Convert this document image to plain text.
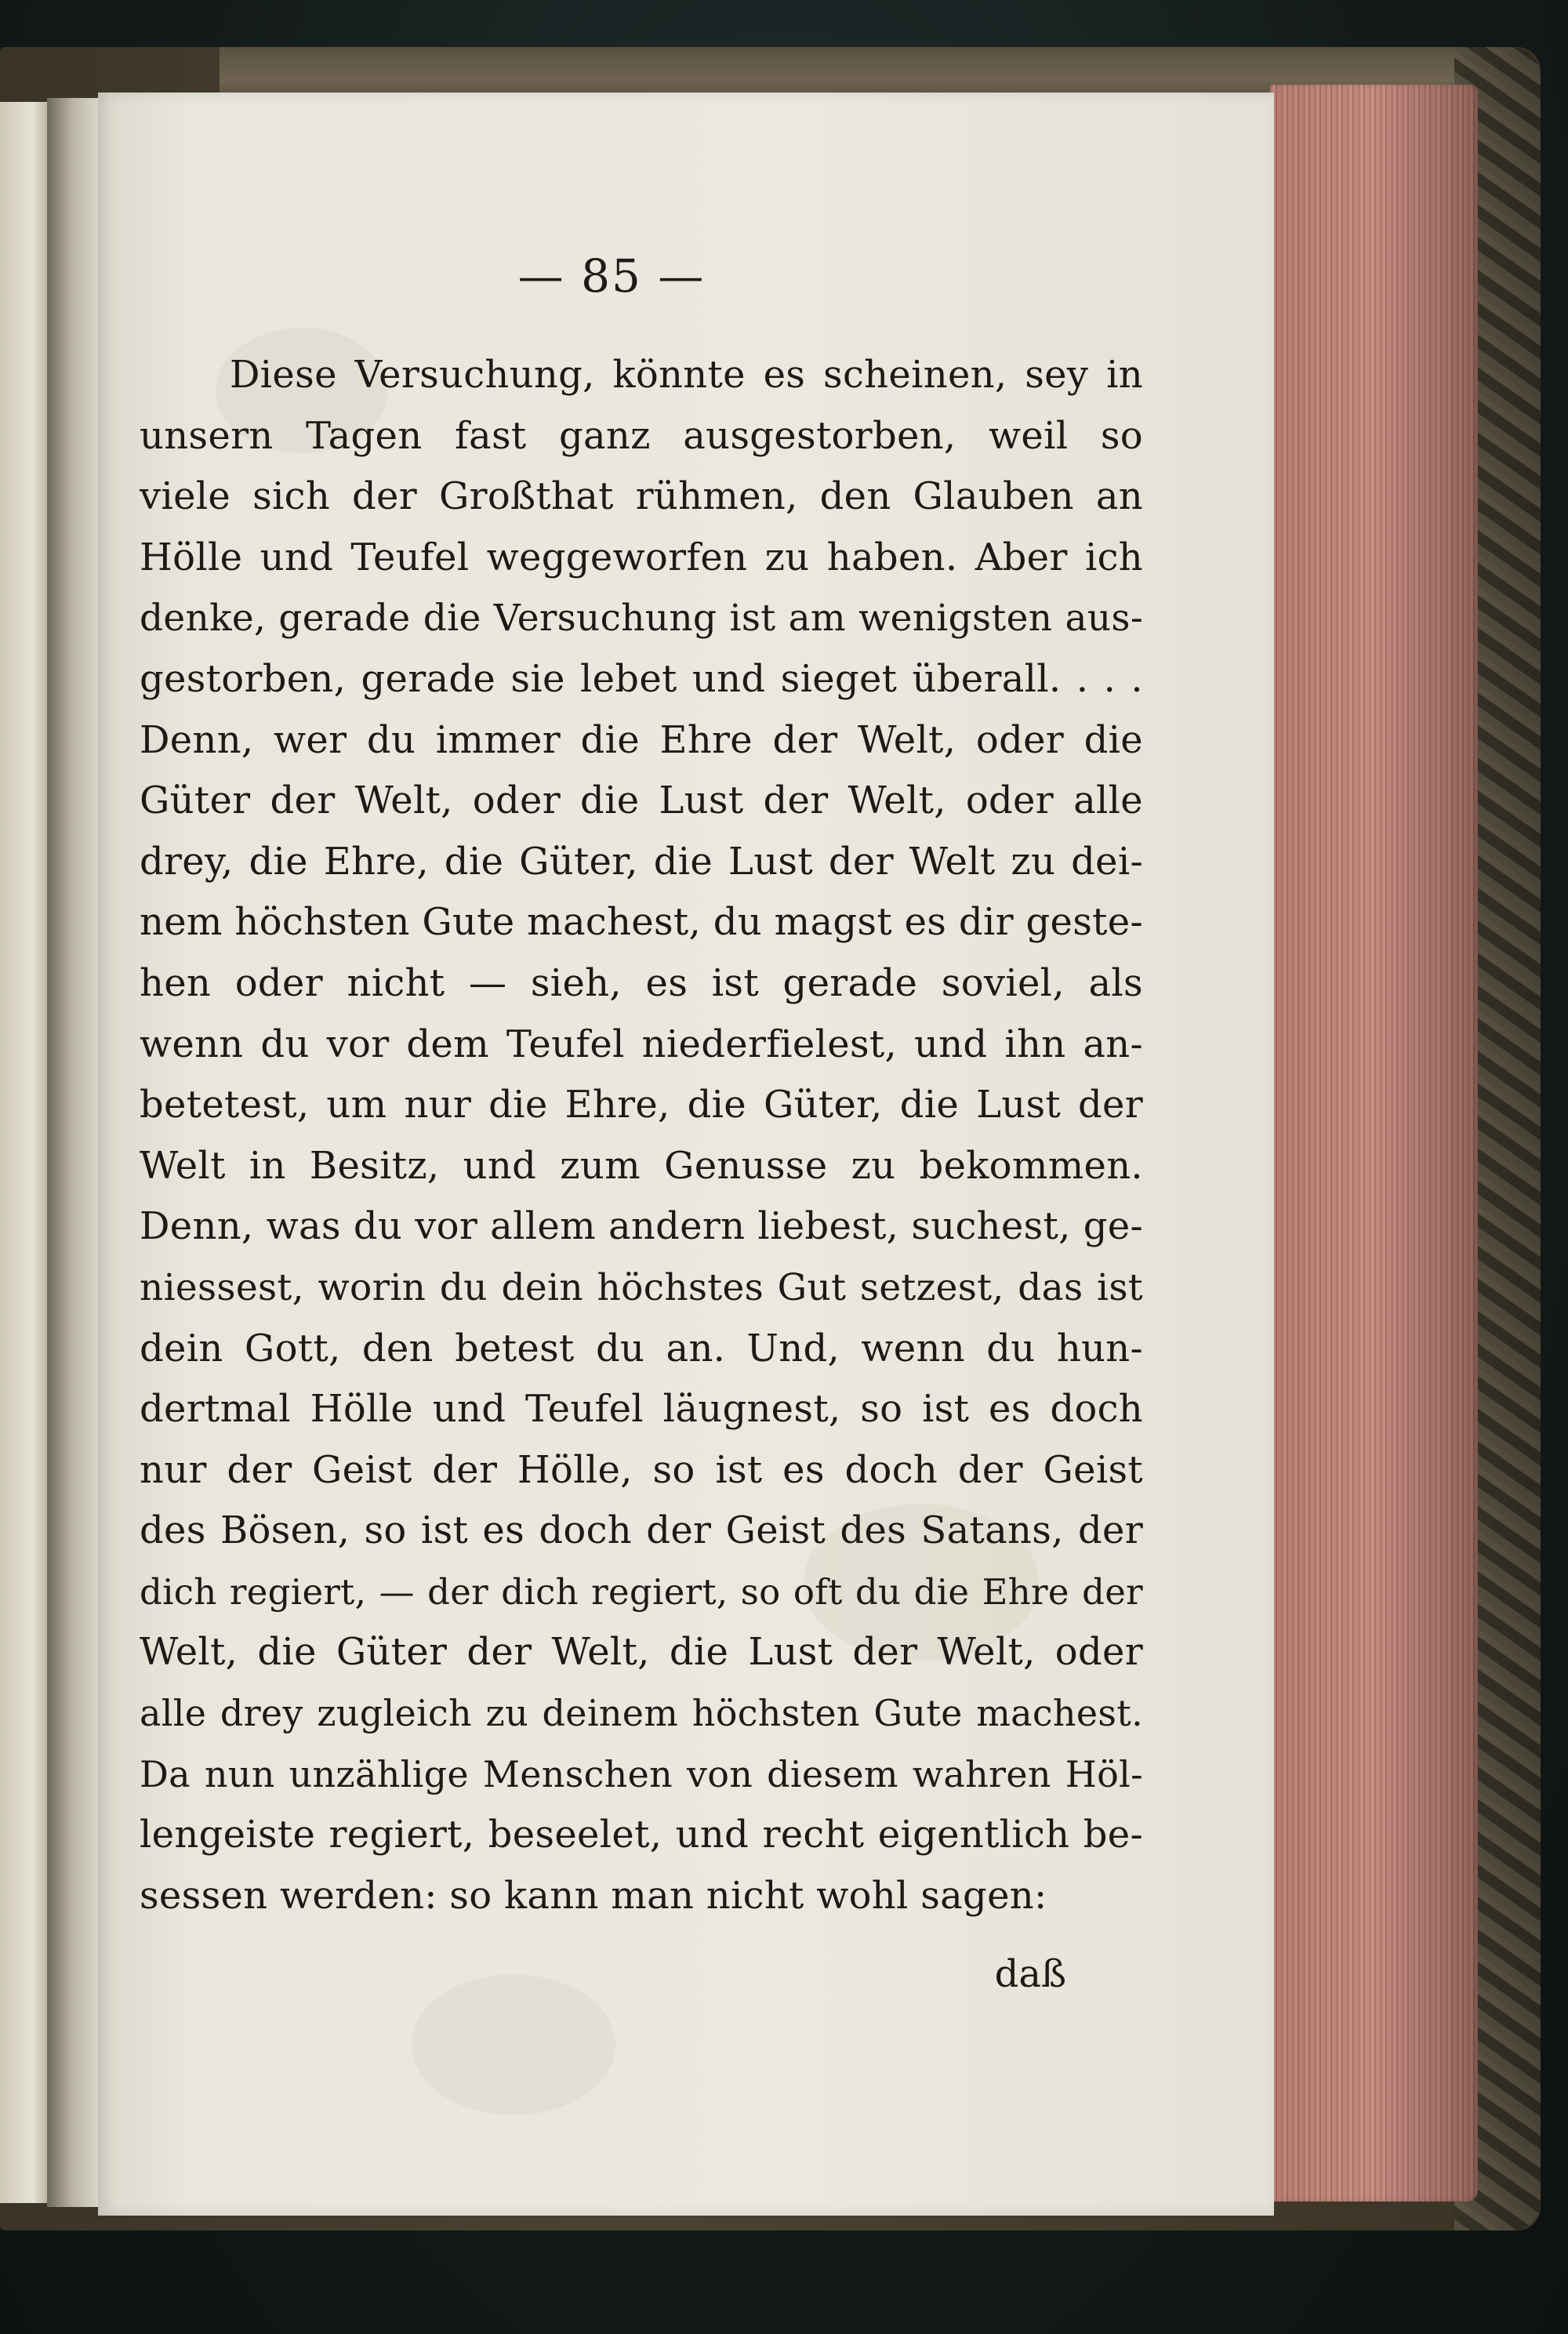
— 85 —
Diese Versuchung, könnte es scheinen, sey in
unsern Tagen fast ganz ausgestorben, weil so
viele sich der Großthat rühmen, den Glauben an
Hölle und Teufel weggeworfen zu haben. Aber ich
denke, gerade die Versuchung ist am wenigsten aus-
gestorben, gerade sie lebet und sieget überall. . . .
Denn, wer du immer die Ehre der Welt, oder die
Güter der Welt, oder die Lust der Welt, oder alle
drey, die Ehre, die Güter, die Lust der Welt zu dei-
nem höchsten Gute machest, du magst es dir geste-
hen oder nicht — sieh, es ist gerade soviel, als
wenn du vor dem Teufel niederfielest, und ihn an-
betetest, um nur die Ehre, die Güter, die Lust der
Welt in Besitz, und zum Genusse zu bekommen.
Denn, was du vor allem andern liebest, suchest, ge-
niessest, worin du dein höchstes Gut setzest, das ist
dein Gott, den betest du an. Und, wenn du hun-
dertmal Hölle und Teufel läugnest, so ist es doch
nur der Geist der Hölle, so ist es doch der Geist
des Bösen, so ist es doch der Geist des Satans, der
dich regiert, — der dich regiert, so oft du die Ehre der
Welt, die Güter der Welt, die Lust der Welt, oder
alle drey zugleich zu deinem höchsten Gute machest.
Da nun unzählige Menschen von diesem wahren Höl-
lengeiste regiert, beseelet, und recht eigentlich be-
sessen werden: so kann man nicht wohl sagen:
daß
